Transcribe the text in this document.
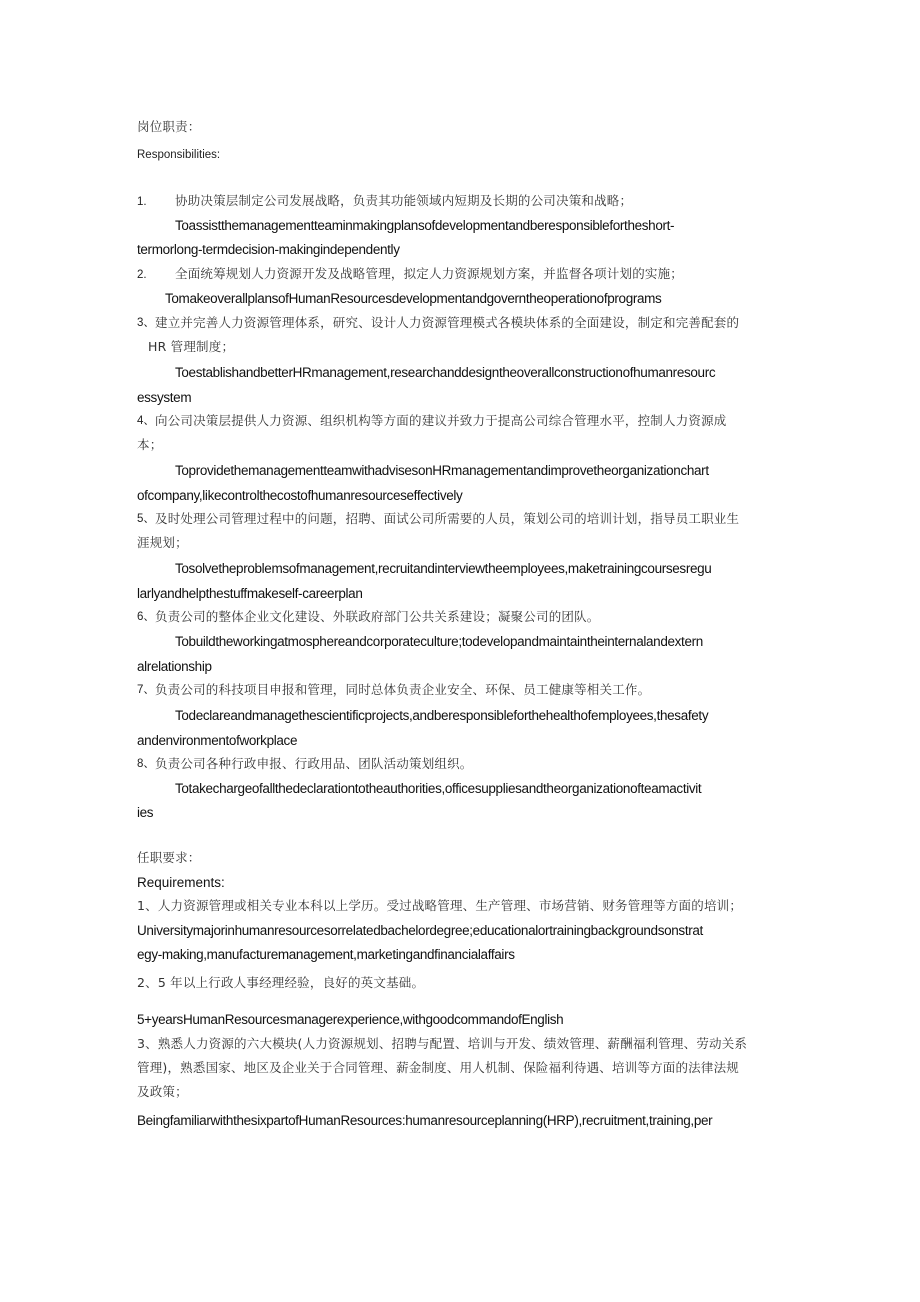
岗位职责：
Responsibilities:
1. 协助决策层制定公司发展战略，负责其功能领域内短期及长期的公司决策和战略；
Toassistthemanagementteaminmakingplansofdevelopmentandberesponsiblefortheshort-
termorlong-termdecision-makingindependently
2. 全面统筹规划人力资源开发及战略管理，拟定人力资源规划方案，并监督各项计划的实施；
TomakeoverallplansofHumanResourcesdevelopmentandgoverntheoperationofprograms
3、 建立并完善人力资源管理体系，研究、设计人力资源管理模式各模块体系的全面建设，制定和完善配套的
HR 管理制度；
ToestablishandbetterHRmanagement,researchanddesigntheoverallconstructionofhumanresourc
essystem
4、 向公司决策层提供人力资源、组织机构等方面的建议并致力于提高公司综合管理水平，控制人力资源成
本；
ToprovidethemanagementteamwithadvisesonHRmanagementandimprovetheorganizationchart
ofcompany,likecontrolthecostofhumanresourceseffectively
5、 及时处理公司管理过程中的问题，招聘、面试公司所需要的人员，策划公司的培训计划，指导员工职业生
涯规划；
Tosolvetheproblemsofmanagement,recruitandinterviewtheemployees,maketrainingcoursesregu
larlyandhelpthestuffmakeself-careerplan
6、 负责公司的整体企业文化建设、外联政府部门公共关系建设；凝聚公司的团队。
Tobuildtheworkingatmosphereandcorporateculture;todevelopandmaintaintheinternalandextern
alrelationship
7、 负责公司的科技项目申报和管理，同时总体负责企业安全、环保、员工健康等相关工作。
Todeclareandmanagethescientificprojects,andberesponsibleforthehealthofemployees,thesafety
andenvironmentofworkplace
8、 负责公司各种行政申报、行政用品、团队活动策划组织。
Totakechargeofallthedeclarationtotheauthorities,officesuppliesandtheorganizationofteamactivit
ies
任职要求：
Requirements:
1、人力资源管理或相关专业本科以上学历。受过战略管理、生产管理、市场营销、财务管理等方面的培训；
Universitymajorinhumanresourcesorrelatedbachelordegree;educationalortrainingbackgroundsonstrat
egy-making,manufacturemanagement,marketingandfinancialaffairs
2、5 年以上行政人事经理经验，良好的英文基础。
5+yearsHumanResourcesmanagerexperience,withgoodcommandofEnglish
3、熟悉人力资源的六大模块(人力资源规划、招聘与配置、培训与开发、绩效管理、薪酬福利管理、劳动关系
管理)，熟悉国家、地区及企业关于合同管理、薪金制度、用人机制、保险福利待遇、培训等方面的法律法规
及政策；
BeingfamiliarwiththesixpartofHumanResources:humanresourceplanning(HRP),recruitment,training,per
